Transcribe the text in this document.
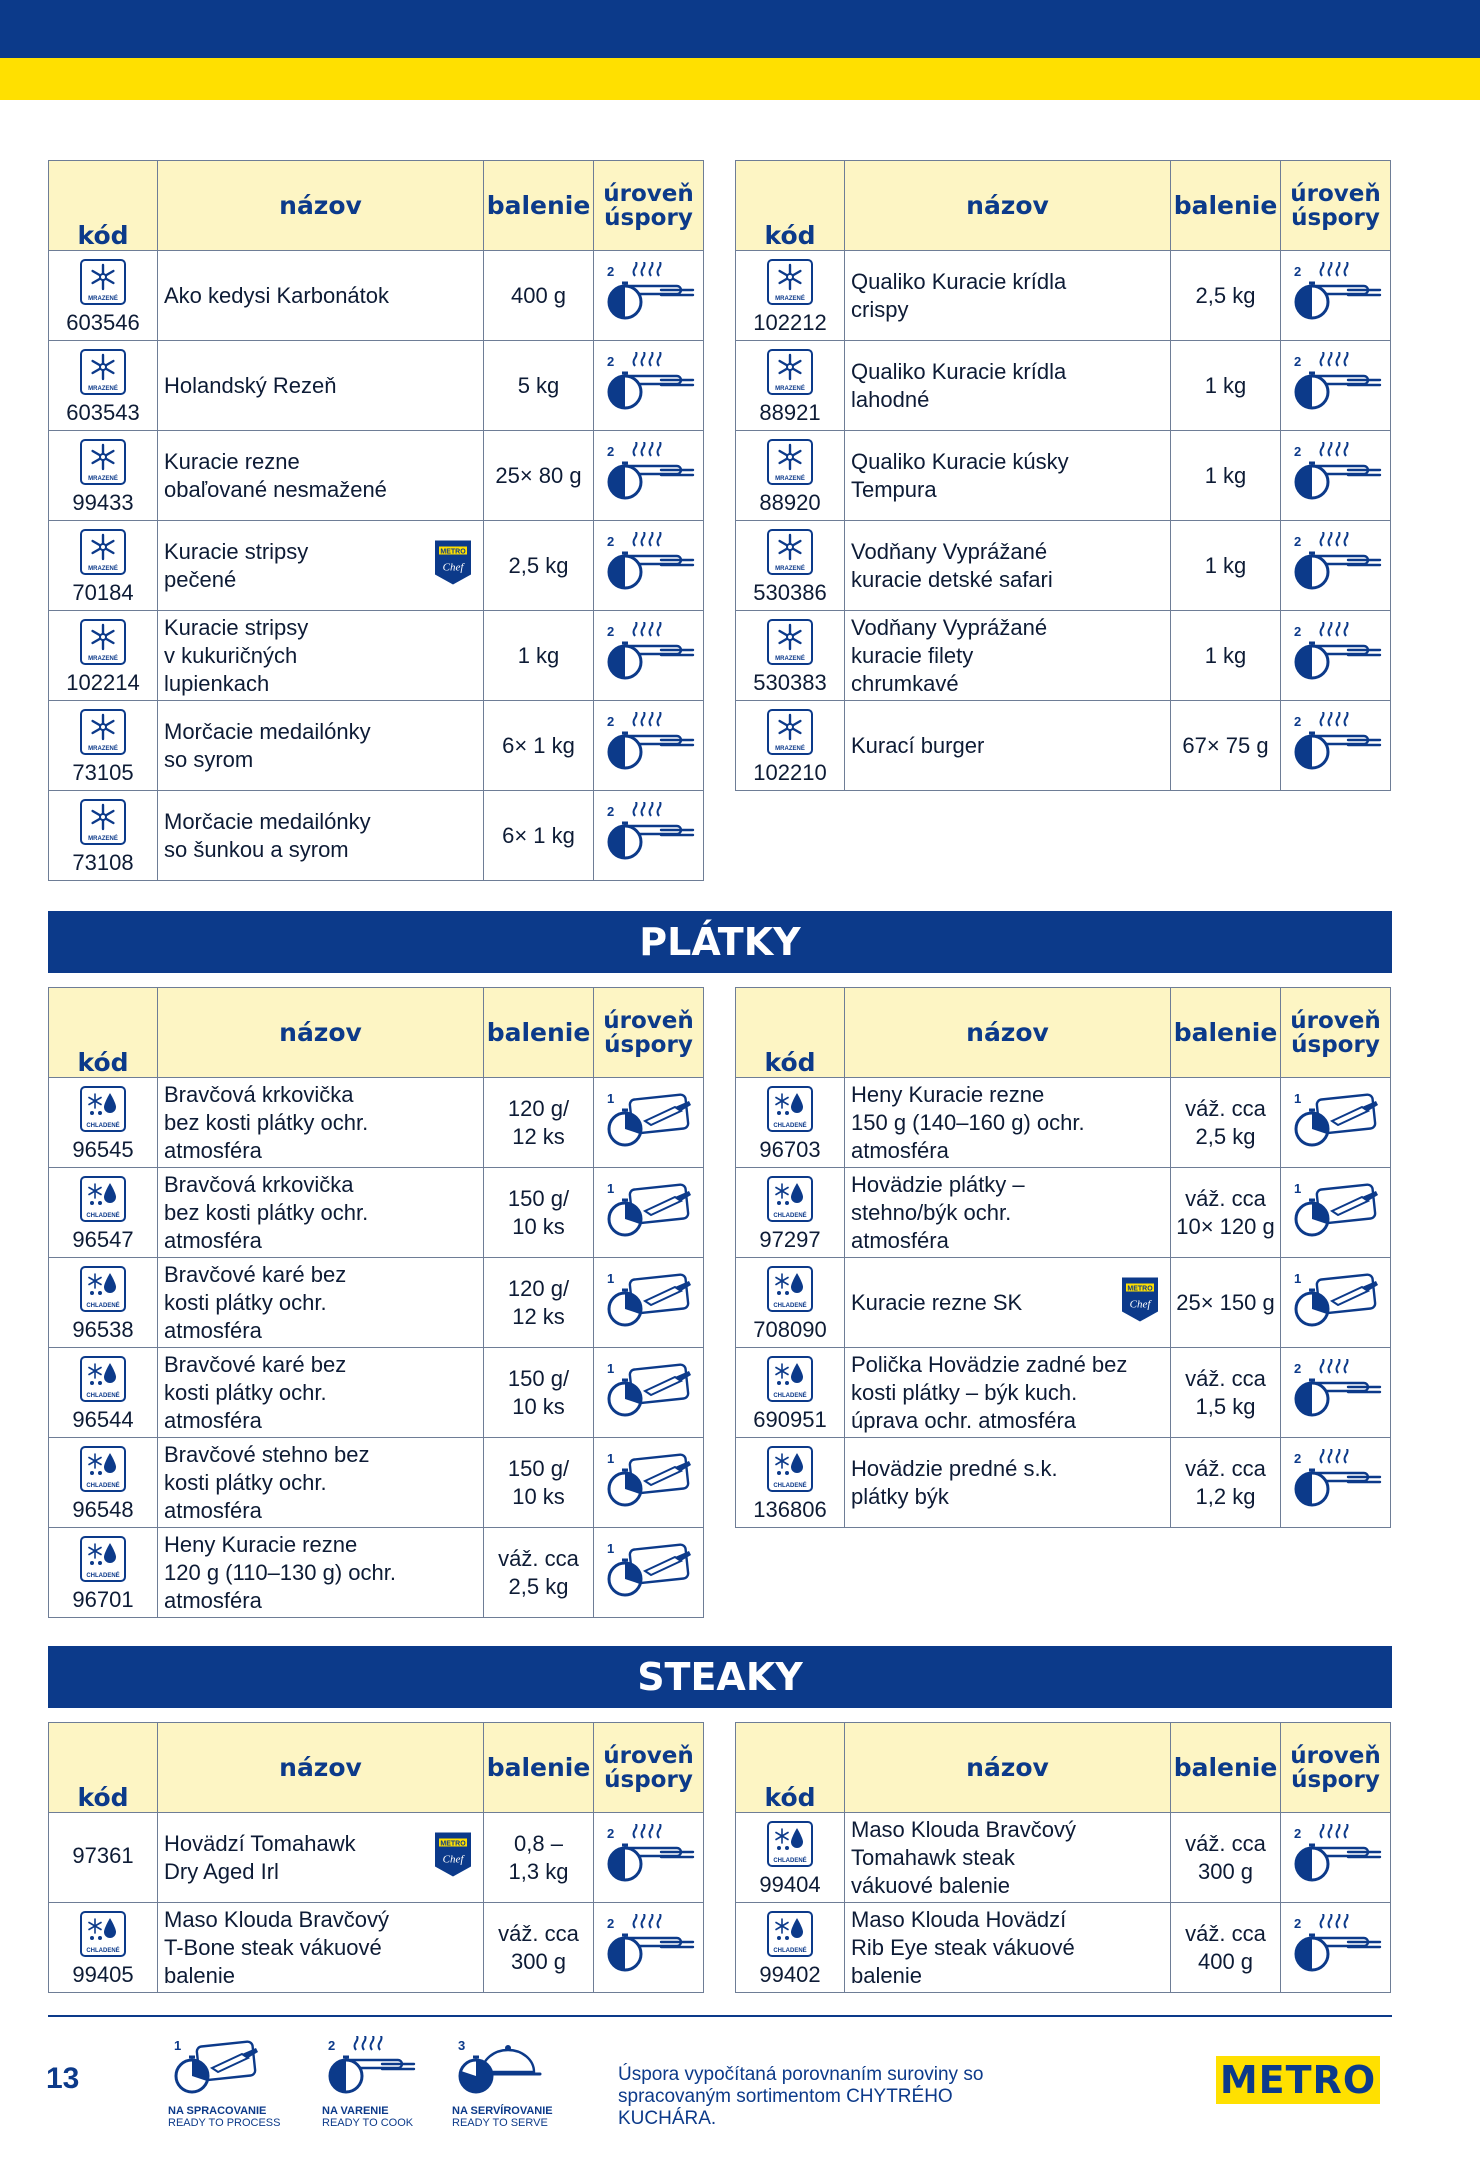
kód	názov	balenie	úroveň
úspory

MRAZENÉ
603546	Ako kedysi Karbonátok	400 g	2

MRAZENÉ
603543	Holandský Rezeň	5 kg	2

MRAZENÉ
99433	Kuracie rezne
obaľované nesmažené	25× 80 g	2

MRAZENÉ
70184	Kuracie stripsy
pečené
METRO
Chef	2,5 kg	2

MRAZENÉ
102214	Kuracie stripsy
v kukuričných
lupienkach	1 kg	2

MRAZENÉ
73105	Morčacie medailónky
so syrom	6× 1 kg	2

MRAZENÉ
73108	Morčacie medailónky
so šunkou a syrom	6× 1 kg	2
kód	názov	balenie	úroveň
úspory

MRAZENÉ
102212	Qualiko Kuracie krídla
crispy	2,5 kg	2

MRAZENÉ
88921	Qualiko Kuracie krídla
lahodné	1 kg	2

MRAZENÉ
88920	Qualiko Kuracie kúsky
Tempura	1 kg	2

MRAZENÉ
530386	Vodňany Vyprážané
kuracie detské safari	1 kg	2

MRAZENÉ
530383	Vodňany Vyprážané
kuracie filety
chrumkavé	1 kg	2

MRAZENÉ
102210	Kurací burger	67× 75 g	2
PLÁTKY
kód	názov	balenie	úroveň
úspory

CHLADENÉ
96545	Bravčová krkovička
bez kosti plátky ochr.
atmosféra	120 g/
12 ks	1

CHLADENÉ
96547	Bravčová krkovička
bez kosti plátky ochr.
atmosféra	150 g/
10 ks	1

CHLADENÉ
96538	Bravčové karé bez
kosti plátky ochr.
atmosféra	120 g/
12 ks	1

CHLADENÉ
96544	Bravčové karé bez
kosti plátky ochr.
atmosféra	150 g/
10 ks	1

CHLADENÉ
96548	Bravčové stehno bez
kosti plátky ochr.
atmosféra	150 g/
10 ks	1

CHLADENÉ
96701	Heny Kuracie rezne
120 g (110–130 g) ochr.
atmosféra	váž. cca
2,5 kg	1
kód	názov	balenie	úroveň
úspory

CHLADENÉ
96703	Heny Kuracie rezne
150 g (140–160 g) ochr.
atmosféra	váž. cca
2,5 kg	1

CHLADENÉ
97297	Hovädzie plátky –
stehno/býk ochr.
atmosféra	váž. cca
10× 120 g	1

CHLADENÉ
708090	Kuracie rezne SK
METRO
Chef	25× 150 g	1

CHLADENÉ
690951	Polička Hovädzie zadné bez
kosti plátky – býk kuch.
úprava ochr. atmosféra	váž. cca
1,5 kg	2

CHLADENÉ
136806	Hovädzie predné s.k.
plátky býk	váž. cca
1,2 kg	2
STEAKY
kód	názov	balenie	úroveň
úspory

97361	Hovädzí Tomahawk
Dry Aged Irl
METRO
Chef	0,8 –
1,3 kg	2

CHLADENÉ
99405	Maso Klouda Bravčový
T-Bone steak vákuové
balenie	váž. cca
300 g	2
kód	názov	balenie	úroveň
úspory

CHLADENÉ
99404	Maso Klouda Bravčový
Tomahawk steak
vákuové balenie	váž. cca
300 g	2

CHLADENÉ
99402	Maso Klouda Hovädzí
Rib Eye steak vákuové
balenie	váž. cca
400 g	2
13
1
NA SPRACOVANIE
READY TO PROCESS
2
NA VARENIE
READY TO COOK
3
NA SERVÍROVANIE
READY TO SERVE
Úspora vypočítaná porovnaním suroviny so spracovaným sortimentom CHYTRÉHO KUCHÁRA.
METRO
